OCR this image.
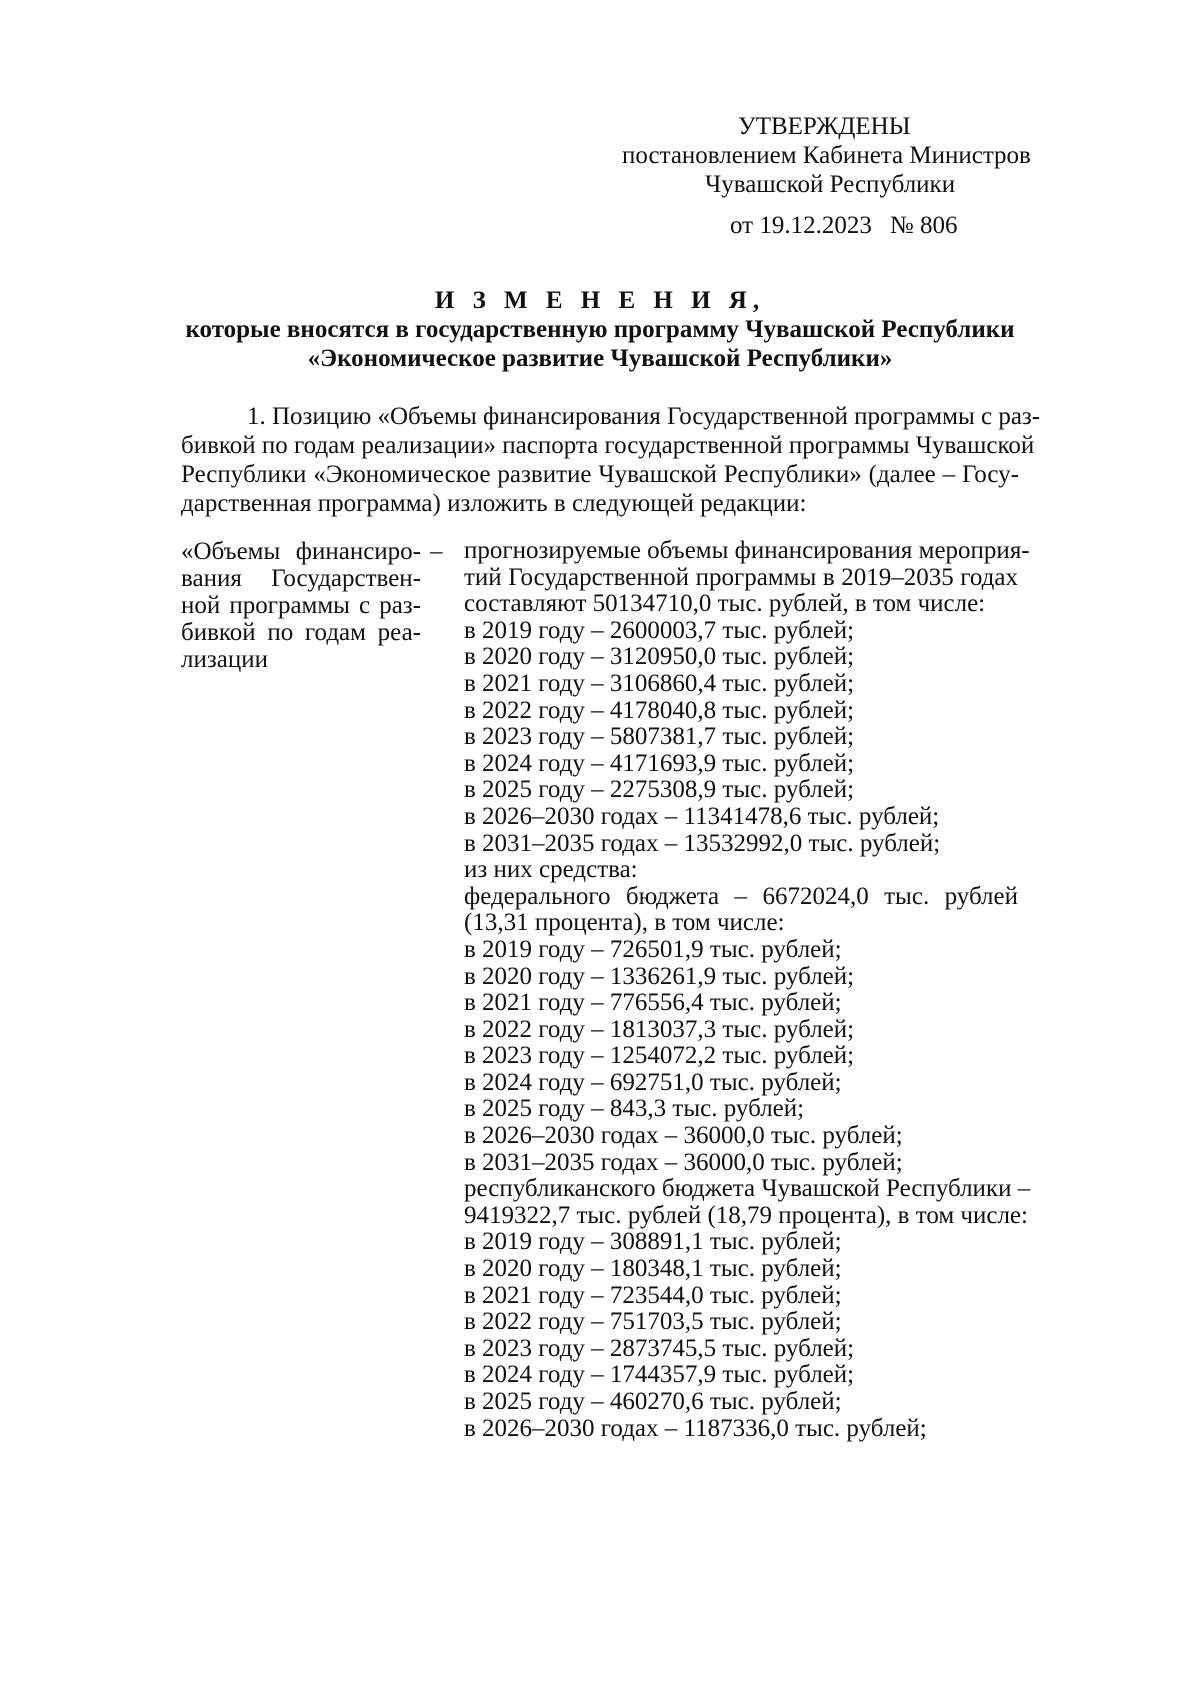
УТВЕРЖДЕНЫ
постановлением Кабинета Министров
Чувашской Республики
от 19.12.2023 № 806
И З М Е Н Е Н И Я,
которые вносятся в государственную программу Чувашской Республики
«Экономическое развитие Чувашской Республики»
1. Позицию «Объемы финансирования Государственной программы с раз-
бивкой по годам реализации» паспорта государственной программы Чувашской
Республики «Экономическое развитие Чувашской Республики» (далее – Госу-
дарственная программа) изложить в следующей редакции:
«Объемы финансиро-
вания Государствен-
ной программы с раз-
бивкой по годам реа-
лизации
– прогнозируемые объемы финансирования мероприя-
тий Государственной программы в 2019–2035 годах
составляют 50134710,0 тыс. рублей, в том числе:
в 2019 году – 2600003,7 тыс. рублей;
в 2020 году – 3120950,0 тыс. рублей;
в 2021 году – 3106860,4 тыс. рублей;
в 2022 году – 4178040,8 тыс. рублей;
в 2023 году – 5807381,7 тыс. рублей;
в 2024 году – 4171693,9 тыс. рублей;
в 2025 году – 2275308,9 тыс. рублей;
в 2026–2030 годах – 11341478,6 тыс. рублей;
в 2031–2035 годах – 13532992,0 тыс. рублей;
из них средства:
федерального бюджета – 6672024,0 тыс. рублей
(13,31 процента), в том числе:
в 2019 году – 726501,9 тыс. рублей;
в 2020 году – 1336261,9 тыс. рублей;
в 2021 году – 776556,4 тыс. рублей;
в 2022 году – 1813037,3 тыс. рублей;
в 2023 году – 1254072,2 тыс. рублей;
в 2024 году – 692751,0 тыс. рублей;
в 2025 году – 843,3 тыс. рублей;
в 2026–2030 годах – 36000,0 тыс. рублей;
в 2031–2035 годах – 36000,0 тыс. рублей;
республиканского бюджета Чувашской Республики –
9419322,7 тыс. рублей (18,79 процента), в том числе:
в 2019 году – 308891,1 тыс. рублей;
в 2020 году – 180348,1 тыс. рублей;
в 2021 году – 723544,0 тыс. рублей;
в 2022 году – 751703,5 тыс. рублей;
в 2023 году – 2873745,5 тыс. рублей;
в 2024 году – 1744357,9 тыс. рублей;
в 2025 году – 460270,6 тыс. рублей;
в 2026–2030 годах – 1187336,0 тыс. рублей;
